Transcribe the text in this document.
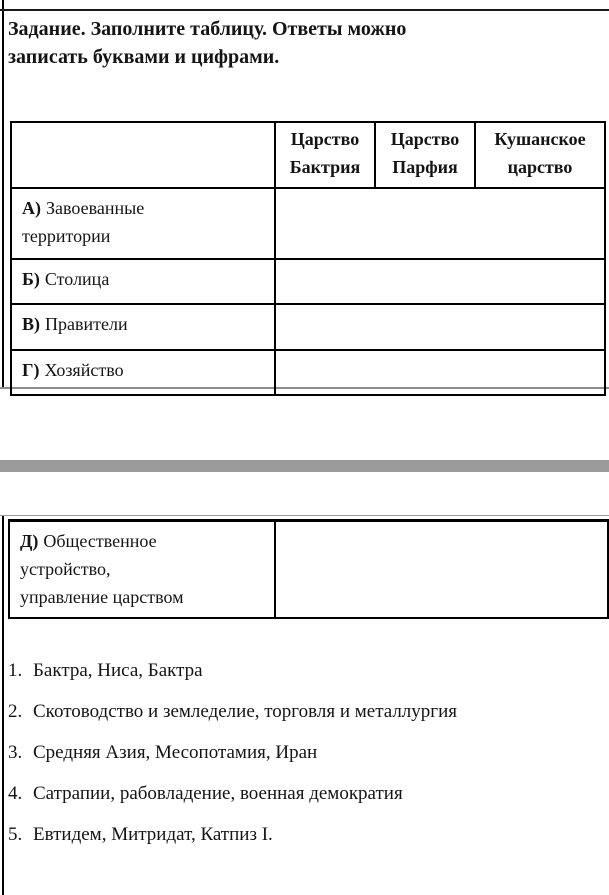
Задание. Заполните таблицу. Ответы можно записать буквами и цифрами.
	Царство Бактрия	Царство Парфия	Кушанское царство

А) Завоеванные территории			

Б) Столица			

В) Правители			

Г) Хозяйство			

Д) Общественное устройство, управление царством

1. Бактра, Ниса, Бактра
2. Скотоводство и земледелие, торговля и металлургия
3. Средняя Азия, Месопотамия, Иран
4. Сатрапии, рабовладение, военная демократия
5. Евтидем, Митридат, Катпиз I.
